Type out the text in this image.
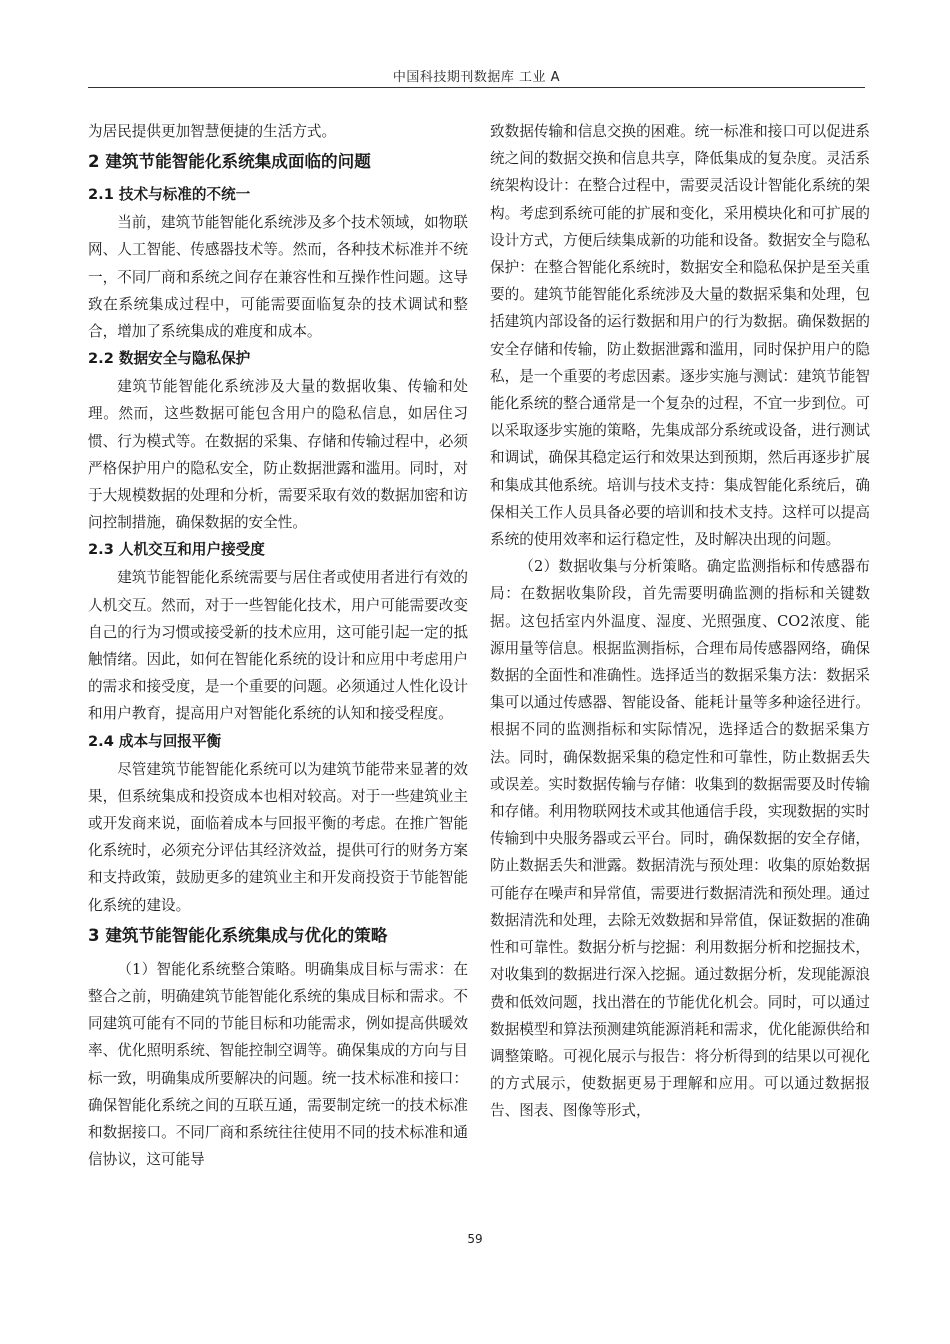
中国科技期刊数据库 工业 A

为居民提供更加智慧便捷的生活方式。

2 建筑节能智能化系统集成面临的问题
2.1 技术与标准的不统一

当前，建筑节能智能化系统涉及多个技术领域，如物联网、人工智能、传感器技术等。然而，各种技术标准并不统一，不同厂商和系统之间存在兼容性和互操作性问题。这导致在系统集成过程中，可能需要面临复杂的技术调试和整合，增加了系统集成的难度和成本。

2.2 数据安全与隐私保护

建筑节能智能化系统涉及大量的数据收集、传输和处理。然而，这些数据可能包含用户的隐私信息，如居住习惯、行为模式等。在数据的采集、存储和传输过程中，必须严格保护用户的隐私安全，防止数据泄露和滥用。同时，对于大规模数据的处理和分析，需要采取有效的数据加密和访问控制措施，确保数据的安全性。

2.3 人机交互和用户接受度

建筑节能智能化系统需要与居住者或使用者进行有效的人机交互。然而，对于一些智能化技术，用户可能需要改变自己的行为习惯或接受新的技术应用，这可能引起一定的抵触情绪。因此，如何在智能化系统的设计和应用中考虑用户的需求和接受度，是一个重要的问题。必须通过人性化设计和用户教育，提高用户对智能化系统的认知和接受程度。

2.4 成本与回报平衡

尽管建筑节能智能化系统可以为建筑节能带来显著的效果，但系统集成和投资成本也相对较高。对于一些建筑业主或开发商来说，面临着成本与回报平衡的考虑。在推广智能化系统时，必须充分评估其经济效益，提供可行的财务方案和支持政策，鼓励更多的建筑业主和开发商投资于节能智能化系统的建设。

3 建筑节能智能化系统集成与优化的策略

（1）智能化系统整合策略。明确集成目标与需求：在整合之前，明确建筑节能智能化系统的集成目标和需求。不同建筑可能有不同的节能目标和功能需求，例如提高供暖效率、优化照明系统、智能控制空调等。确保集成的方向与目标一致，明确集成所要解决的问题。统一技术标准和接口：确保智能化系统之间的互联互通，需要制定统一的技术标准和数据接口。不同厂商和系统往往使用不同的技术标准和通信协议，这可能导

致数据传输和信息交换的困难。统一标准和接口可以促进系统之间的数据交换和信息共享，降低集成的复杂度。灵活系统架构设计：在整合过程中，需要灵活设计智能化系统的架构。考虑到系统可能的扩展和变化，采用模块化和可扩展的设计方式，方便后续集成新的功能和设备。数据安全与隐私保护：在整合智能化系统时，数据安全和隐私保护是至关重要的。建筑节能智能化系统涉及大量的数据采集和处理，包括建筑内部设备的运行数据和用户的行为数据。确保数据的安全存储和传输，防止数据泄露和滥用，同时保护用户的隐私，是一个重要的考虑因素。逐步实施与测试：建筑节能智能化系统的整合通常是一个复杂的过程，不宜一步到位。可以采取逐步实施的策略，先集成部分系统或设备，进行测试和调试，确保其稳定运行和效果达到预期，然后再逐步扩展和集成其他系统。培训与技术支持：集成智能化系统后，确保相关工作人员具备必要的培训和技术支持。这样可以提高系统的使用效率和运行稳定性，及时解决出现的问题。

（2）数据收集与分析策略。确定监测指标和传感器布局：在数据收集阶段，首先需要明确监测的指标和关键数据。这包括室内外温度、湿度、光照强度、CO2浓度、能源用量等信息。根据监测指标，合理布局传感器网络，确保数据的全面性和准确性。选择适当的数据采集方法：数据采集可以通过传感器、智能设备、能耗计量等多种途径进行。根据不同的监测指标和实际情况，选择适合的数据采集方法。同时，确保数据采集的稳定性和可靠性，防止数据丢失或误差。实时数据传输与存储：收集到的数据需要及时传输和存储。利用物联网技术或其他通信手段，实现数据的实时传输到中央服务器或云平台。同时，确保数据的安全存储，防止数据丢失和泄露。数据清洗与预处理：收集的原始数据可能存在噪声和异常值，需要进行数据清洗和预处理。通过数据清洗和处理，去除无效数据和异常值，保证数据的准确性和可靠性。数据分析与挖掘：利用数据分析和挖掘技术，对收集到的数据进行深入挖掘。通过数据分析，发现能源浪费和低效问题，找出潜在的节能优化机会。同时，可以通过数据模型和算法预测建筑能源消耗和需求，优化能源供给和调整策略。可视化展示与报告：将分析得到的结果以可视化的方式展示，使数据更易于理解和应用。可以通过数据报告、图表、图像等形式，

59
